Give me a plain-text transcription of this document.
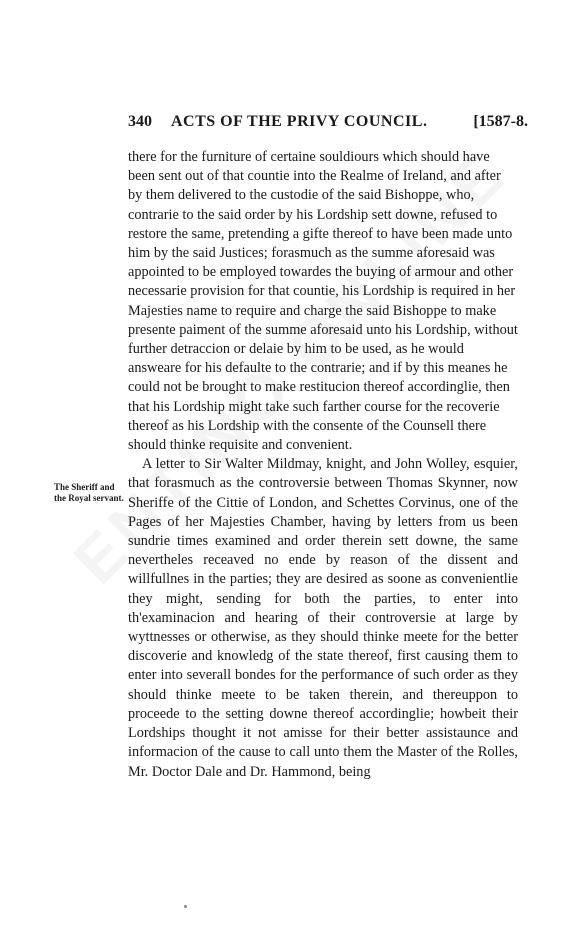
340 ACTS OF THE PRIVY COUNCIL.	[1587-8.

there for the furniture of certaine souldiours which should have been sent out of that countie into the Realme of Ireland, and after by them delivered to the custodie of the said Bishoppe, who, contrarie to the said order by his Lordship sett downe, refused to restore the same, pretending a gifte thereof to have been made unto him by the said Justices; forasmuch as the summe aforesaid was appointed to be employed towardes the buying of armour and other necessarie provision for that countie, his Lordship is required in her Majesties name to require and charge the said Bishoppe to make presente paiment of the summe aforesaid unto his Lordship, without further detraccion or delaie by him to be used, as he would answeare for his defaulte to the contrarie; and if by this meanes he could not be brought to make restitucion thereof accordinglie, then that his Lordship might take such farther course for the recoverie thereof as his Lordship with the consente of the Counsell there should thinke requisite and convenient.

A letter to Sir Walter Mildmay, knight, and John Wolley, esquier, that forasmuch as the controversie between Thomas Skynner, now Sheriffe of the Cittie of London, and Schettes Corvinus, one of the Pages of her Majesties Chamber, having by letters from us been sundrie times examined and order therein sett downe, the same nevertheles receaved no ende by reason of the dissent and willfullnes in the parties; they are desired as soone as convenientlie they might, sending for both the parties, to enter into th'examinacion and hearing of their controversie at large by wyttnesses or otherwise, as they should thinke meete for the better discoverie and knowledg of the state thereof, first causing them to enter into severall bondes for the performance of such order as they should thinke meete to be taken therein, and thereuppon to proceede to the setting downe thereof accordinglie; howbeit their Lordships thought it not amisse for their better assistaunce and informacion of the cause to call unto them the Master of the Rolles, Mr. Doctor Dale and Dr. Hammond, being

The Sheriff and the Royal servant.
